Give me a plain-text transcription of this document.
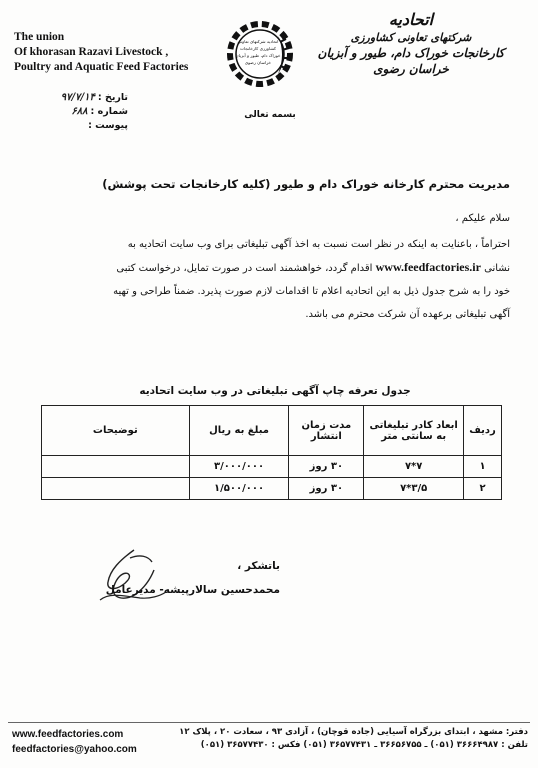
The union
Of khorasan Razavi Livestock ,
Poultry and Aquatic Feed Factories
اتحادیه شرکتهای تعاونی
کشاورزی کارخانجات
خوراک دام، طیور و آبزیان
خراسان رضوی
اتحادیه
شرکتهای تعاونی کشاورزی
کارخانجات خوراک دام، طیور و آبزیان خراسان رضوی
بسمه تعالی
تاریخ :
۹۷/۷/۱۴
شماره :
۶۸۸
پیوست :
مدیریت محترم کارخانه خوراک دام و طیور (کلیه کارخانجات تحت پوشش)
سلام علیکم ،

احتراماً ، باعنایت به اینکه در نظر است نسبت به اخذ آگهی تبلیغاتی برای وب سایت اتحادیه به

نشانی www.feedfactories.ir اقدام گردد، خواهشمند است در صورت تمایل، درخواست کتبی

خود را به شرح جدول ذیل به این اتحادیه اعلام تا اقدامات لازم صورت پذیرد. ضمناً طراحی و تهیه

آگهی تبلیغاتی برعهده آن شرکت محترم می باشد.

جدول تعرفه چاپ آگهی تبلیغاتی در وب سایت اتحادیه
ردیف	ابعاد کادر تبلیغاتی به سانتی متر	مدت زمان انتشار	مبلغ به ریال	توضیحات
۱	۷*۷	۳۰ روز	۳/۰۰۰/۰۰۰	
۲	۳/۵*۷	۳۰ روز	۱/۵۰۰/۰۰۰	
باتشکر ،
محمدحسین سالارپیشه- مدیرعامل
www.feedfactories.com
feedfactories@yahoo.com
دفتر: مشهد ، ابتدای بزرگراه آسیایی (جاده قوچان) ، آزادی ۹۳ ، سعادت ۲۰ ، پلاک ۱۲
تلفن : ۳۶۶۶۴۹۸۷ (۰۵۱) ـ ۳۶۶۵۶۷۵۵ ـ ۳۶۵۷۷۴۳۱ (۰۵۱) فکس : ۳۶۵۷۷۴۳۰ (۰۵۱)
